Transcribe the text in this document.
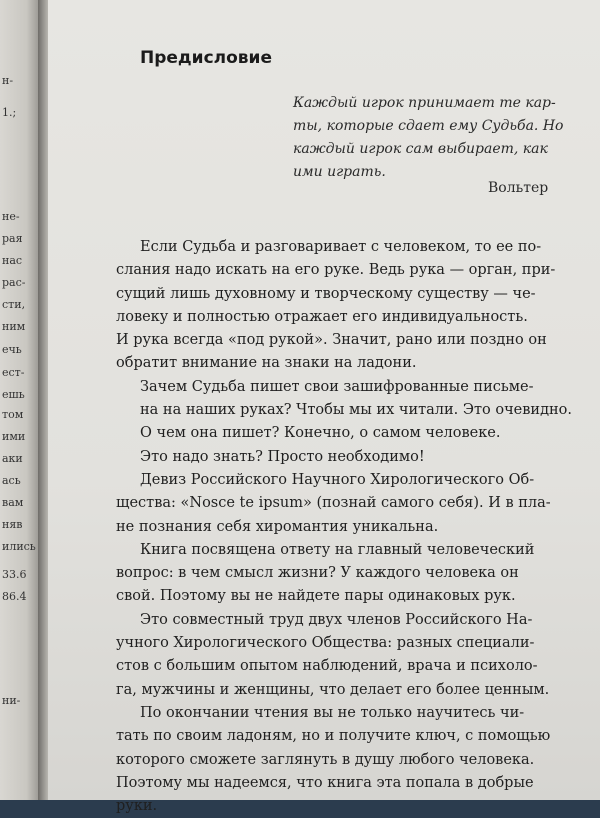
н-
1.;
не-
рая
нас
рас-
сти,
ним
ечь
ест-
ешь
том
ими
аки
ась
вам
няв
ились
33.6
86.4
ни-
Предисловие
Каждый игрок принимает те кар-
ты, которые сдает ему Судьба. Но
каждый игрок сам выбирает, как
ими играть.
Вольтер
Если Судьба и разговаривает с человеком, то ее по-
слания надо искать на его руке. Ведь рука — орган, при-
сущий лишь духовному и творческому существу — че-
ловеку и полностью отражает его индивидуальность.
И рука всегда «под рукой». Значит, рано или поздно он
обратит внимание на знаки на ладони.
Зачем Судьба пишет свои зашифрованные письме-
на на наших руках? Чтобы мы их читали. Это очевидно.
О чем она пишет? Конечно, о самом человеке.
Это надо знать? Просто необходимо!
Девиз Российского Научного Хирологического Об-
щества: «Nosce te ipsum» (познай самого себя). И в пла-
не познания себя хиромантия уникальна.
Книга посвящена ответу на главный человеческий
вопрос: в чем смысл жизни? У каждого человека он
свой. Поэтому вы не найдете пары одинаковых рук.
Это совместный труд двух членов Российского На-
учного Хирологического Общества: разных специали-
стов с большим опытом наблюдений, врача и психоло-
га, мужчины и женщины, что делает его более ценным.
По окончании чтения вы не только научитесь чи-
тать по своим ладоням, но и получите ключ, с помощью
которого сможете заглянуть в душу любого человека.
Поэтому мы надеемся, что книга эта попала в добрые
руки.
